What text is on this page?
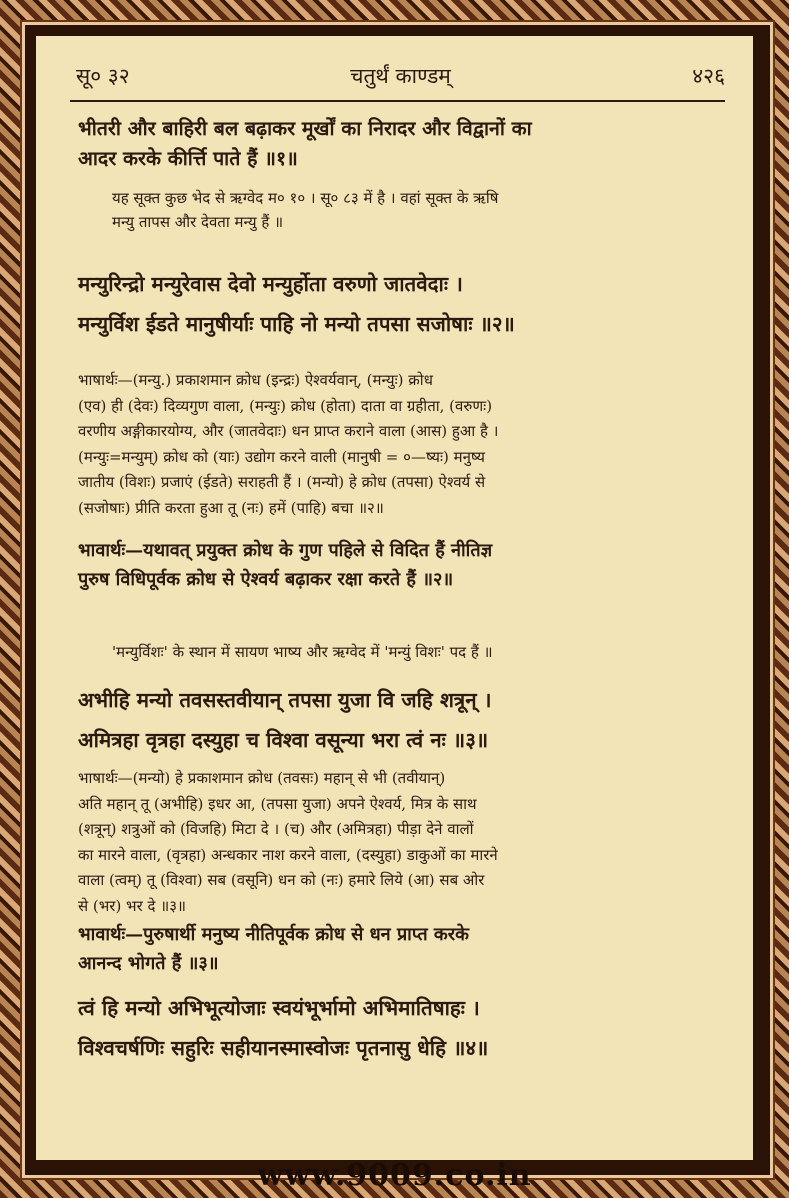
सू० ३२	चतुर्थं काण्डम्	४२६
भीतरी और बाहिरी बल बढ़ाकर मूर्खों का निरादर और विद्वानों का
आदर करके कीर्त्ति पाते हैं ॥१॥
यह सूक्त कुछ भेद से ऋग्वेद म० १० । सू० ८३ में है । वहां सूक्त के ऋषि
मन्यु तापस और देवता मन्यु हैं ॥
मन्युरिन्द्रो मन्युरेवास देवो मन्युर्होता वरुणो जातवेदाः ।
मन्युर्विश ईडते मानुषीर्याः पाहि नो मन्यो तपसा सजोषाः ॥२॥
भाषार्थः—(मन्यु.) प्रकाशमान क्रोध (इन्द्रः) ऐश्वर्यवान्, (मन्युः) क्रोध
(एव) ही (देवः) दिव्यगुण वाला, (मन्युः) क्रोध (होता) दाता वा ग्रहीता, (वरुणः)
वरणीय अङ्गीकारयोग्य, और (जातवेदाः) धन प्राप्त कराने वाला (आस) हुआ है ।
(मन्युः=मन्युम्) क्रोध को (याः) उद्योग करने वाली (मानुषी = ०—ष्यः) मनुष्य
जातीय (विशः) प्रजाएं (ईडते) सराहती हैं । (मन्यो) हे क्रोध (तपसा) ऐश्वर्य से
(सजोषाः) प्रीति करता हुआ तू (नः) हमें (पाहि) बचा ॥२॥
भावार्थः—यथावत् प्रयुक्त क्रोध के गुण पहिले से विदित हैं नीतिज्ञ
पुरुष विधिपूर्वक क्रोध से ऐश्वर्य बढ़ाकर रक्षा करते हैं ॥२॥
'मन्युर्विशः' के स्थान में सायण भाष्य और ऋग्वेद में 'मन्युं विशः' पद हैं ॥
अभीहि मन्यो तवसस्तवीयान् तपसा युजा वि जहि शत्रून् ।
अमित्रहा वृत्रहा दस्युहा च विश्वा वसून्या भरा त्वं नः ॥३॥
भाषार्थः—(मन्यो) हे प्रकाशमान क्रोध (तवसः) महान् से भी (तवीयान्)
अति महान् तू (अभीहि) इधर आ, (तपसा युजा) अपने ऐश्वर्य, मित्र के साथ
(शत्रून्) शत्रुओं को (विजहि) मिटा दे । (च) और (अमित्रहा) पीड़ा देने वालों
का मारने वाला, (वृत्रहा) अन्धकार नाश करने वाला, (दस्युहा) डाकुओं का मारने
वाला (त्वम्) तू (विश्वा) सब (वसूनि) धन को (नः) हमारे लिये (आ) सब ओर
से (भर) भर दे ॥३॥
भावार्थः—पुरुषार्थी मनुष्य नीतिपूर्वक क्रोध से धन प्राप्त करके
आनन्द भोगते हैं ॥३॥
त्वं हि मन्यो अभिभूत्योजाः स्वयंभूर्भामो अभिमातिषाहः ।
विश्वचर्षणिः सहुरिः सहीयानस्मास्वोजः पृतनासु धेहि ॥४॥
www.9009.co.in
